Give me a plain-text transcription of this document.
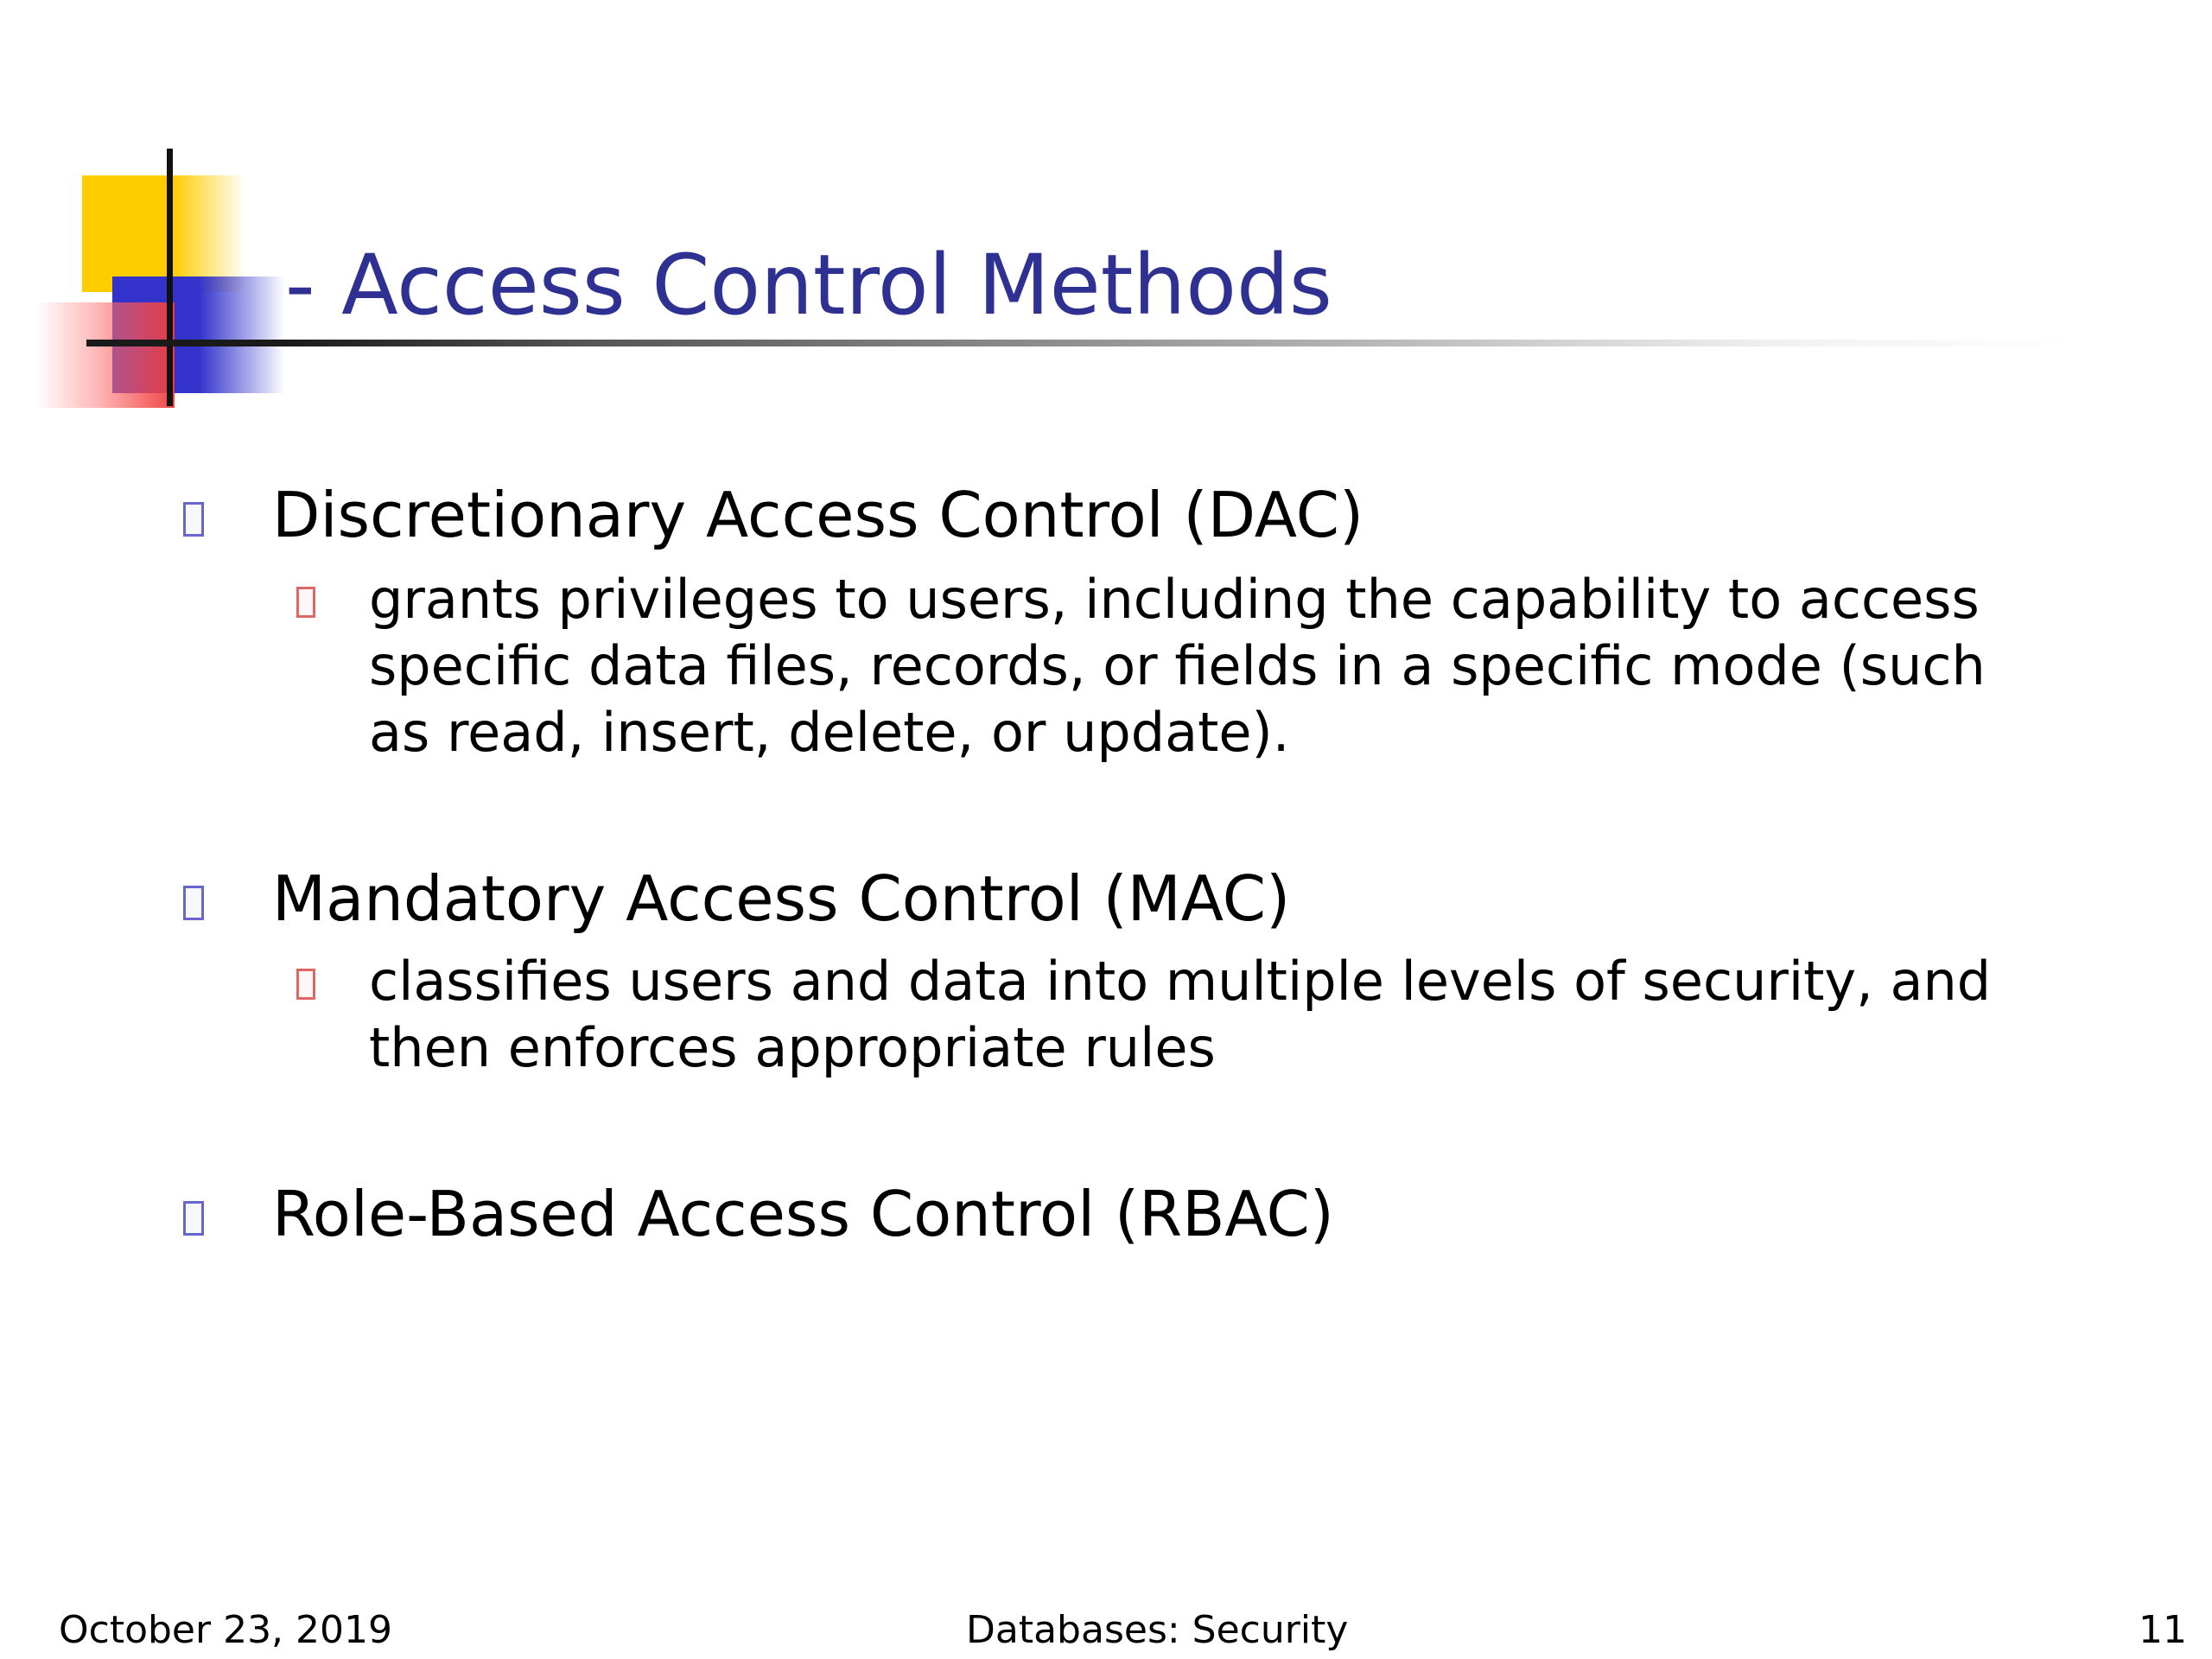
- Access Control Methods
Discretionary Access Control (DAC)
grants privileges to users, including the capability to access specific data files, records, or fields in a specific mode (such as read, insert, delete, or update).
Mandatory Access Control (MAC)
classifies users and data into multiple levels of security, and then enforces appropriate rules
Role-Based Access Control (RBAC)
October 23, 2019	Databases: Security	11
